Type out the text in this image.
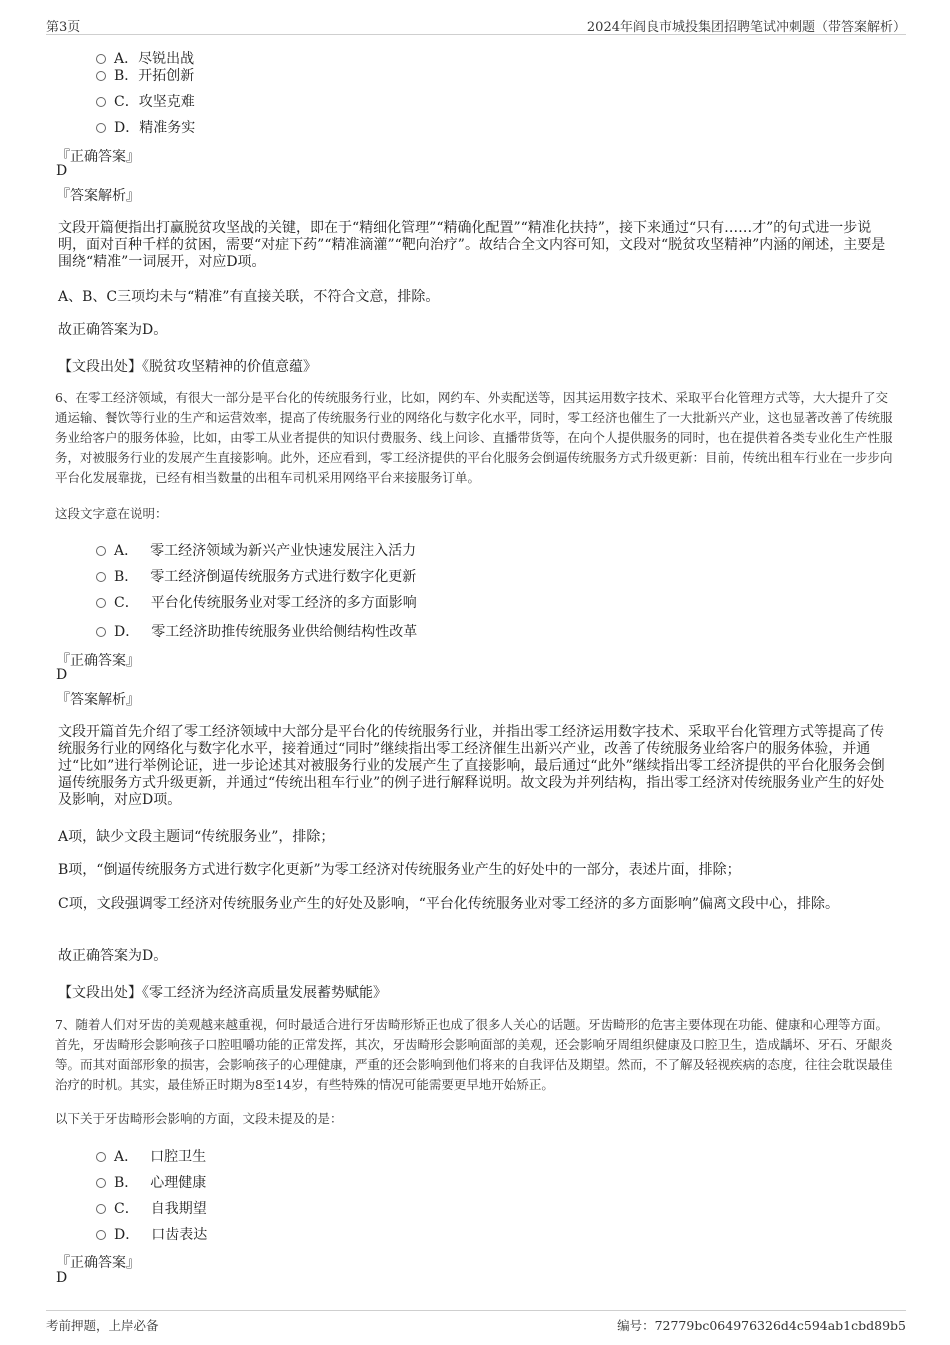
第3页	2024年阎良市城投集团招聘笔试冲刺题（带答案解析）
A．尽锐出战
B．开拓创新
C．攻坚克难
D．精准务实
『正确答案』
D
『答案解析』
文段开篇便指出打赢脱贫攻坚战的关键，即在于“精细化管理”“精确化配置”“精准化扶持”，接下来通过“只有……才”的句式进一步说明，面对百种千样的贫困，需要“对症下药”“精准滴灌”“靶向治疗”。故结合全文内容可知，文段对“脱贫攻坚精神”内涵的阐述，主要是围绕“精准”一词展开，对应D项。
A、B、C三项均未与“精准”有直接关联，不符合文意，排除。
故正确答案为D。
【文段出处】《脱贫攻坚精神的价值意蕴》
6、在零工经济领域，有很大一部分是平台化的传统服务行业，比如，网约车、外卖配送等，因其运用数字技术、采取平台化管理方式等，大大提升了交通运输、餐饮等行业的生产和运营效率，提高了传统服务行业的网络化与数字化水平，同时，零工经济也催生了一大批新兴产业，这也显著改善了传统服务业给客户的服务体验，比如，由零工从业者提供的知识付费服务、线上问诊、直播带货等，在向个人提供服务的同时，也在提供着各类专业化生产性服务，对被服务行业的发展产生直接影响。此外，还应看到，零工经济提供的平台化服务会倒逼传统服务方式升级更新：目前，传统出租车行业在一步步向平台化发展靠拢，已经有相当数量的出租车司机采用网络平台来接服务订单。
这段文字意在说明：
A． 零工经济领域为新兴产业快速发展注入活力
B． 零工经济倒逼传统服务方式进行数字化更新
C． 平台化传统服务业对零工经济的多方面影响
D． 零工经济助推传统服务业供给侧结构性改革
『正确答案』
D
『答案解析』
文段开篇首先介绍了零工经济领域中大部分是平台化的传统服务行业，并指出零工经济运用数字技术、采取平台化管理方式等提高了传统服务行业的网络化与数字化水平，接着通过“同时”继续指出零工经济催生出新兴产业，改善了传统服务业给客户的服务体验，并通过“比如”进行举例论证，进一步论述其对被服务行业的发展产生了直接影响，最后通过“此外”继续指出零工经济提供的平台化服务会倒逼传统服务方式升级更新，并通过“传统出租车行业”的例子进行解释说明。故文段为并列结构，指出零工经济对传统服务业产生的好处及影响，对应D项。
A项，缺少文段主题词“传统服务业”，排除；
B项，“倒逼传统服务方式进行数字化更新”为零工经济对传统服务业产生的好处中的一部分，表述片面，排除；
C项，文段强调零工经济对传统服务业产生的好处及影响，“平台化传统服务业对零工经济的多方面影响”偏离文段中心，排除。
故正确答案为D。
【文段出处】《零工经济为经济高质量发展蓄势赋能》
7、随着人们对牙齿的美观越来越重视，何时最适合进行牙齿畸形矫正也成了很多人关心的话题。牙齿畸形的危害主要体现在功能、健康和心理等方面。首先，牙齿畸形会影响孩子口腔咀嚼功能的正常发挥，其次，牙齿畸形会影响面部的美观，还会影响牙周组织健康及口腔卫生，造成龋坏、牙石、牙龈炎等。而其对面部形象的损害，会影响孩子的心理健康，严重的还会影响到他们将来的自我评估及期望。然而，不了解及轻视疾病的态度，往往会耽误最佳治疗的时机。其实，最佳矫正时期为8至14岁，有些特殊的情况可能需要更早地开始矫正。
以下关于牙齿畸形会影响的方面，文段未提及的是：
A． 口腔卫生
B． 心理健康
C． 自我期望
D． 口齿表达
『正确答案』
D
考前押题，上岸必备	编号：72779bc064976326d4c594ab1cbd89b5
